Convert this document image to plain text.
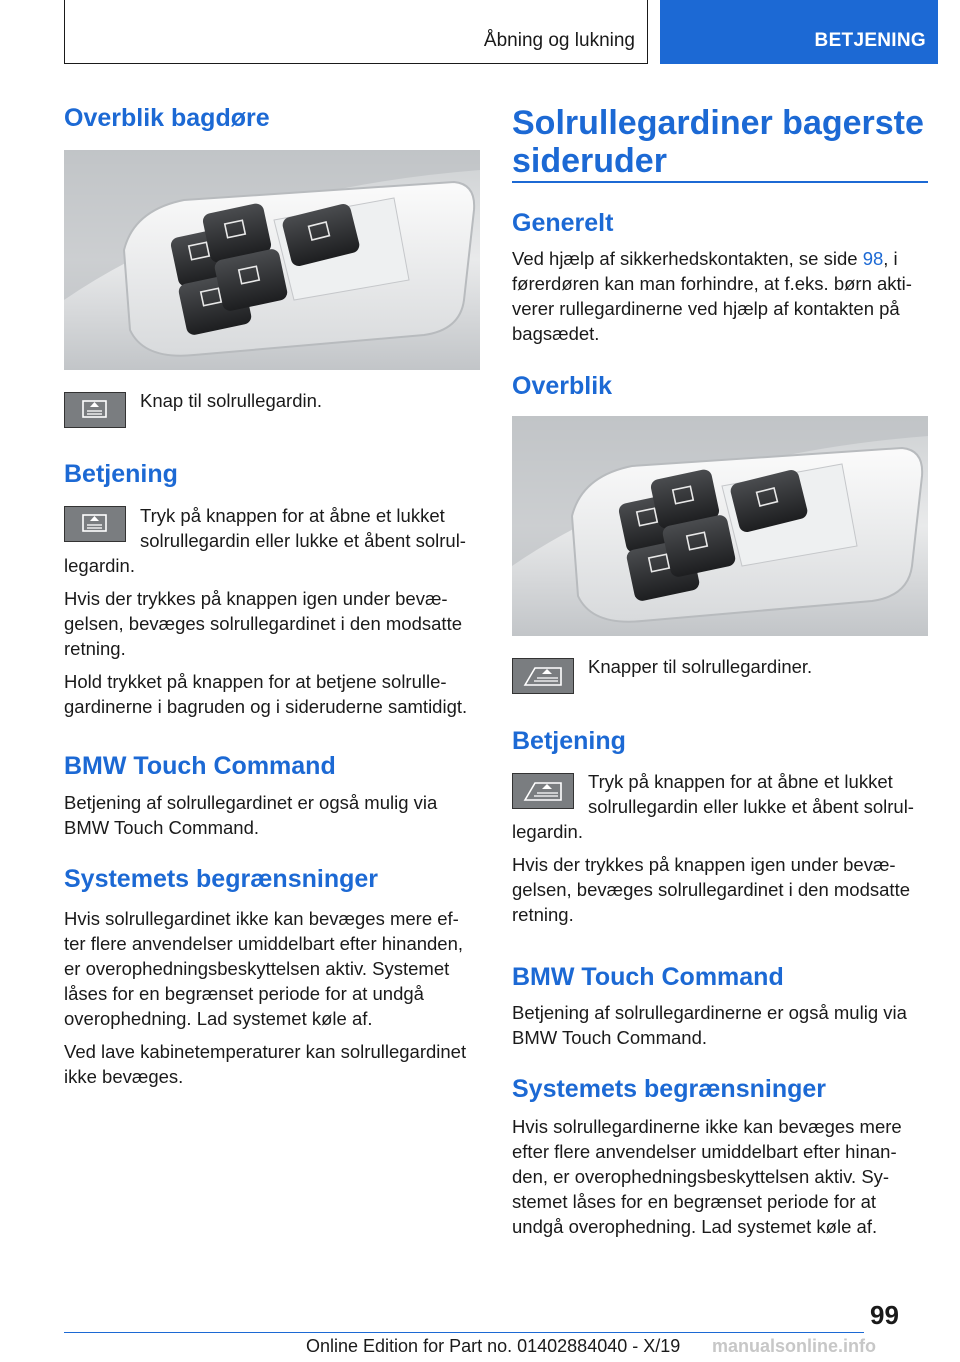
Åbning og lukning	BETJENING
Overblik bagdøre

Knap til solrullegardin.

Betjening

Tryk på knappen for at åbne et lukket

solrullegardin eller lukke et åbent solrul‐

legardin.

Hvis der trykkes på knappen igen under bevæ‐gelsen, bevæges solrullegardinet i den modsatte retning.

Hold trykket på knappen for at betjene solrulle‐gardinerne i bagruden og i sideruderne samtidigt.

BMW Touch Command

Betjening af solrullegardinet er også mulig via BMW Touch Command.

Systemets begrænsninger

Hvis solrullegardinet ikke kan bevæges mere ef‐ter flere anvendelser umiddelbart efter hinanden, er overophedningsbeskyttelsen aktiv. Systemet låses for en begrænset periode for at undgå overophedning. Lad systemet køle af.

Ved lave kabinetemperaturer kan solrullegardinet ikke bevæges.

Solrullegardiner bagerste sideruder
Generelt

Ved hjælp af sikkerhedskontakten, se side 98, i førerdøren kan man forhindre, at f.eks. børn akti‐verer rullegardinerne ved hjælp af kontakten på bagsædet.

Overblik

Knapper til solrullegardiner.

Betjening

Tryk på knappen for at åbne et lukket

solrullegardin eller lukke et åbent solrul‐

legardin.

Hvis der trykkes på knappen igen under bevæ‐gelsen, bevæges solrullegardinet i den modsatte retning.

BMW Touch Command

Betjening af solrullegardinerne er også mulig via BMW Touch Command.

Systemets begrænsninger

Hvis solrullegardinerne ikke kan bevæges mere efter flere anvendelser umiddelbart efter hinan‐den, er overophedningsbeskyttelsen aktiv. Sy‐stemet låses for en begrænset periode for at undgå overophedning. Lad systemet køle af.

99
Online Edition for Part no. 01402884040 - X/19 manualsonline.info
